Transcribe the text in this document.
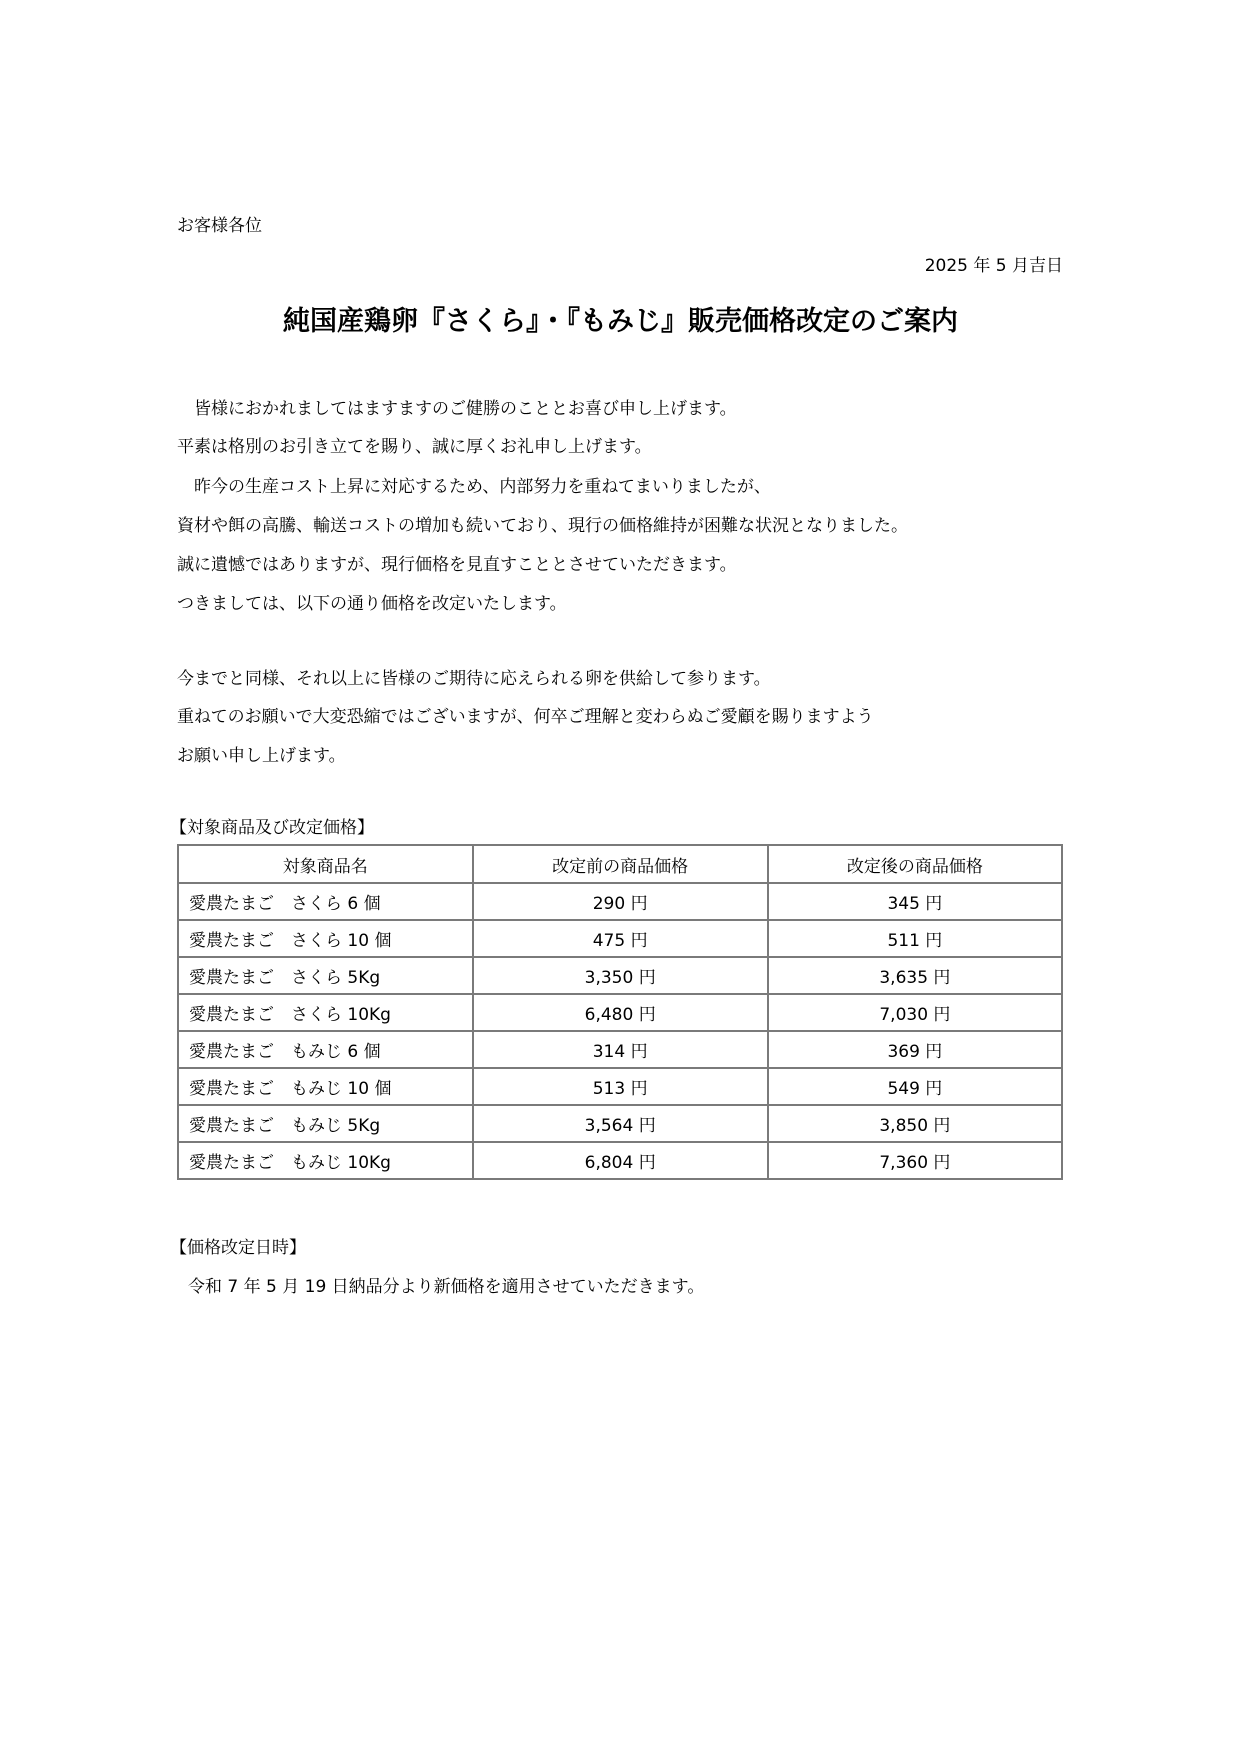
お客様各位
2025 年 5 月吉日
純国産鶏卵『さくら』・『もみじ』販売価格改定のご案内
　皆様におかれましてはますますのご健勝のこととお喜び申し上げます。
平素は格別のお引き立てを賜り、誠に厚くお礼申し上げます。
　昨今の生産コスト上昇に対応するため、内部努力を重ねてまいりましたが、
資材や餌の高騰、輸送コストの増加も続いており、現行の価格維持が困難な状況となりました。
誠に遺憾ではありますが、現行価格を見直すこととさせていただきます。
つきましては、以下の通り価格を改定いたします。
今までと同様、それ以上に皆様のご期待に応えられる卵を供給して参ります。
重ねてのお願いで大変恐縮ではございますが、何卒ご理解と変わらぬご愛顧を賜りますよう
お願い申し上げます。
【対象商品及び改定価格】
対象商品名	改定前の商品価格	改定後の商品価格
愛農たまご　さくら 6 個	290 円	345 円
愛農たまご　さくら 10 個	475 円	511 円
愛農たまご　さくら 5Kg	3,350 円	3,635 円
愛農たまご　さくら 10Kg	6,480 円	7,030 円
愛農たまご　もみじ 6 個	314 円	369 円
愛農たまご　もみじ 10 個	513 円	549 円
愛農たまご　もみじ 5Kg	3,564 円	3,850 円
愛農たまご　もみじ 10Kg	6,804 円	7,360 円
【価格改定日時】
令和 7 年 5 月 19 日納品分より新価格を適用させていただきます。
